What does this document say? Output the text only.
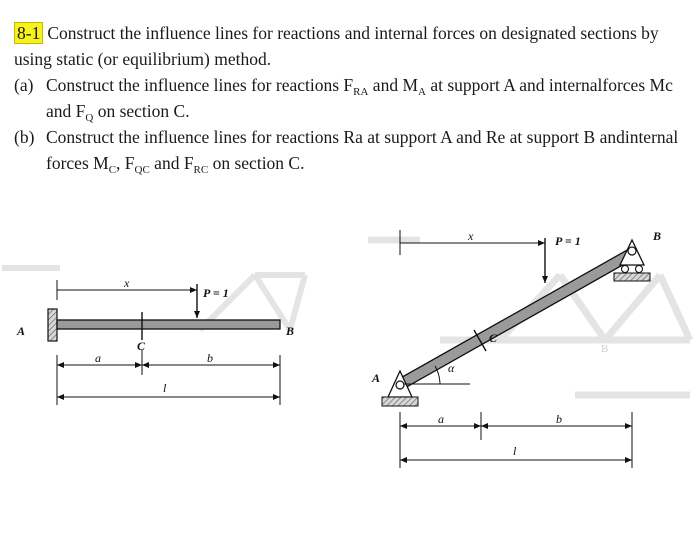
8-1 Construct the influence lines for reactions and internal forces on designated sections by using static (or equilibrium) method.

(a) Construct the influence lines for reactions $F_{RA}$ and $M_A$ at support A and internalforces Mc and $F_Q$ on section C.

(b) Construct the influence lines for reactions Ra at support A and Re at support B andinternal forces $M_C$, $F_{QC}$ and $F_{RC}$ on section C.

A	B
C
x
P = 1
a	b
l
B
A
B
x	P = 1
C
α
a	b
l
